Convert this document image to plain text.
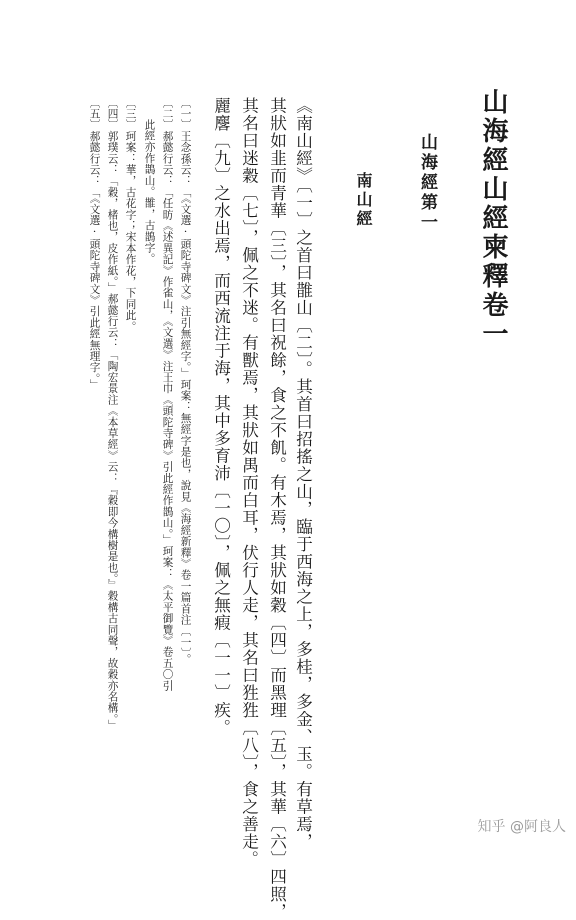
山海經山經柬釋卷一
山海經第一
南山經
《南山經》〔一〕之首曰䧿山〔二〕。其首曰招搖之山，臨于西海之上，多桂，多金、玉。有草焉，
其狀如韭而青華〔三〕，其名曰祝餘，食之不飢。有木焉，其狀如穀〔四〕而黑理〔五〕，其華〔六〕四照，
其名曰迷穀〔七〕，佩之不迷。有獸焉，其狀如禺而白耳，伏行人走，其名曰狌狌〔八〕，食之善走。
麗麐〔九〕之水出焉，而西流注于海，其中多育沛〔一〇〕，佩之無瘕〔一一〕疾。
〔一〕王念孫云：「《文選·頭陀寺碑文》注引無經字。」珂案：無經字是也，說見《海經新釋》卷一篇首注〔一〕。
〔二〕郝懿行云：「任昉《述異記》作雀山，《文選》注王巾《頭陀寺碑》引此經作鵲山。」珂案：《太平御覽》卷五〇引
此經亦作鵲山。䧿，古鵲字。
〔三〕珂案：華，古花字；宋本作花，下同此。
〔四〕郭璞云：「穀，楮也，皮作紙。」郝懿行云：「陶宏景注《本草經》云：『穀即今構樹是也。』穀構古同聲，故穀亦名構。」
〔五〕郝懿行云：「《文選·頭陀寺碑文》引此經無理字。」
知乎 @阿良人
